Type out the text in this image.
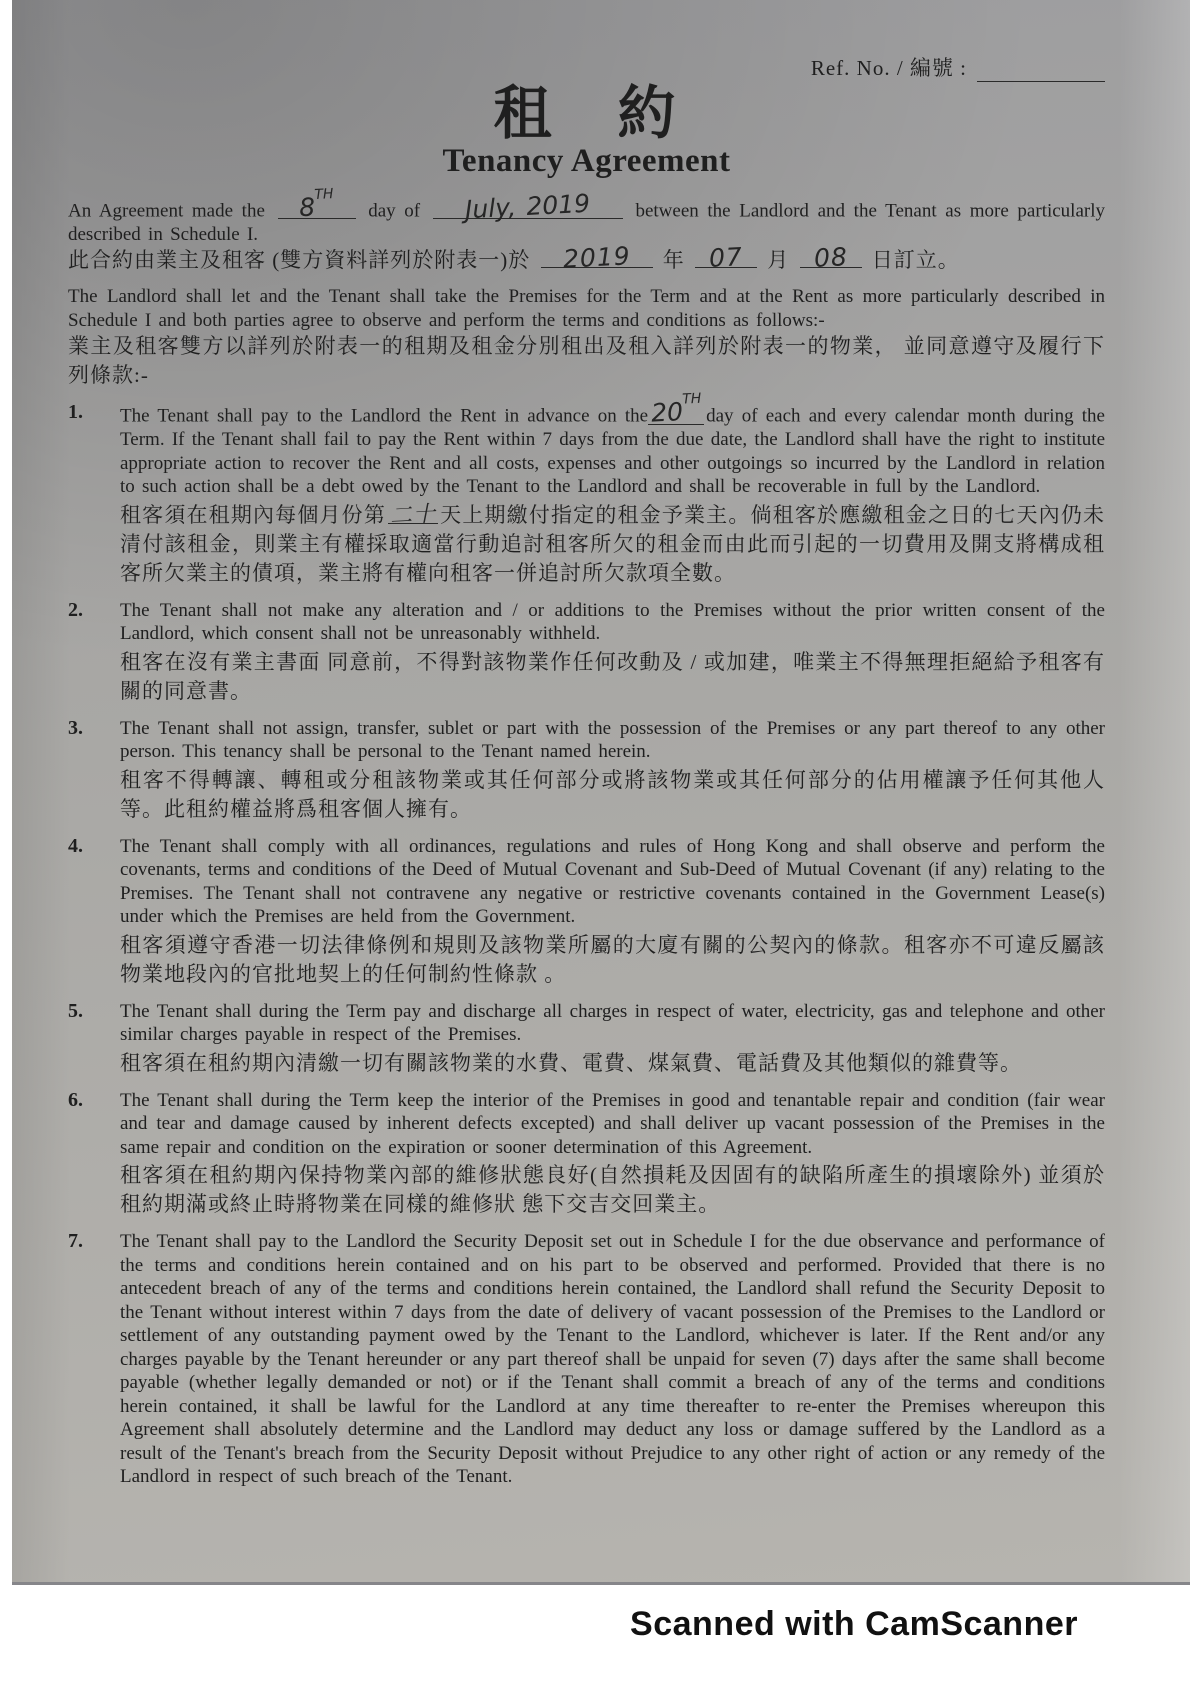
Ref. No. / 編號 :
租　約
Tenancy Agreement

An Agreement made the 8TH day of July, 2019 between the Landlord and the Tenant as more particularly described in Schedule I.

此合約由業主及租客 (雙方資料詳列於附表一)於 2019 年 07 月 08 日訂立。

The Landlord shall let and the Tenant shall take the Premises for the Term and at the Rent as more particularly described in Schedule I and both parties agree to observe and perform the terms and conditions as follows:-

業主及租客雙方以詳列於附表一的租期及租金分別租出及租入詳列於附表一的物業， 並同意遵守及履行下列條款:-

1.	The Tenant shall pay to the Landlord the Rent in advance on the20THday of each and every calendar month during the Term. If the Tenant shall fail to pay the Rent within 7 days from the due date, the Landlord shall have the right to institute appropriate action to recover the Rent and all costs, expenses and other outgoings so incurred by the Landlord in relation to such action shall be a debt owed by the Tenant to the Landlord and shall be recoverable in full by the Landlord.

租客須在租期內每個月份第 二十 天上期繳付指定的租金予業主。倘租客於應繳租金之日的七天內仍未清付該租金，則業主有權採取適當行動追討租客所欠的租金而由此而引起的一切費用及開支將構成租客所欠業主的債項，業主將有權向租客一併追討所欠款項全數。

2.	The Tenant shall not make any alteration and / or additions to the Premises without the prior written consent of the Landlord, which consent shall not be unreasonably withheld.

租客在沒有業主書面 同意前，不得對該物業作任何改動及 / 或加建，唯業主不得無理拒絕給予租客有關的同意書。

3.	The Tenant shall not assign, transfer, sublet or part with the possession of the Premises or any part thereof to any other person. This tenancy shall be personal to the Tenant named herein.

租客不得轉讓、轉租或分租該物業或其任何部分或將該物業或其任何部分的佔用權讓予任何其他人等。此租約權益將爲租客個人擁有。

4.	The Tenant shall comply with all ordinances, regulations and rules of Hong Kong and shall observe and perform the covenants, terms and conditions of the Deed of Mutual Covenant and Sub-Deed of Mutual Covenant (if any) relating to the Premises. The Tenant shall not contravene any negative or restrictive covenants contained in the Government Lease(s) under which the Premises are held from the Government.

租客須遵守香港一切法律條例和規則及該物業所屬的大廈有關的公契內的條款。租客亦不可違反屬該物業地段內的官批地契上的任何制約性條款 。

5.	The Tenant shall during the Term pay and discharge all charges in respect of water, electricity, gas and telephone and other similar charges payable in respect of the Premises.

租客須在租約期內清繳一切有關該物業的水費、電費、煤氣費、電話費及其他類似的雜費等。

6.	The Tenant shall during the Term keep the interior of the Premises in good and tenantable repair and condition (fair wear and tear and damage caused by inherent defects excepted) and shall deliver up vacant possession of the Premises in the same repair and condition on the expiration or sooner determination of this Agreement.

租客須在租約期內保持物業內部的維修狀態良好(自然損耗及因固有的缺陷所產生的損壞除外) 並須於租約期滿或終止時將物業在同樣的維修狀 態下交吉交回業主。

7.	The Tenant shall pay to the Landlord the Security Deposit set out in Schedule I for the due observance and performance of the terms and conditions herein contained and on his part to be observed and performed. Provided that there is no antecedent breach of any of the terms and conditions herein contained, the Landlord shall refund the Security Deposit to the Tenant without interest within 7 days from the date of delivery of vacant possession of the Premises to the Landlord or settlement of any outstanding payment owed by the Tenant to the Landlord, whichever is later. If the Rent and/or any charges payable by the Tenant hereunder or any part thereof shall be unpaid for seven (7) days after the same shall become payable (whether legally demanded or not) or if the Tenant shall commit a breach of any of the terms and conditions herein contained, it shall be lawful for the Landlord at any time thereafter to re-enter the Premises whereupon this Agreement shall absolutely determine and the Landlord may deduct any loss or damage suffered by the Landlord as a result of the Tenant's breach from the Security Deposit without Prejudice to any other right of action or any remedy of the Landlord in respect of such breach of the Tenant.

Scanned with CamScanner
